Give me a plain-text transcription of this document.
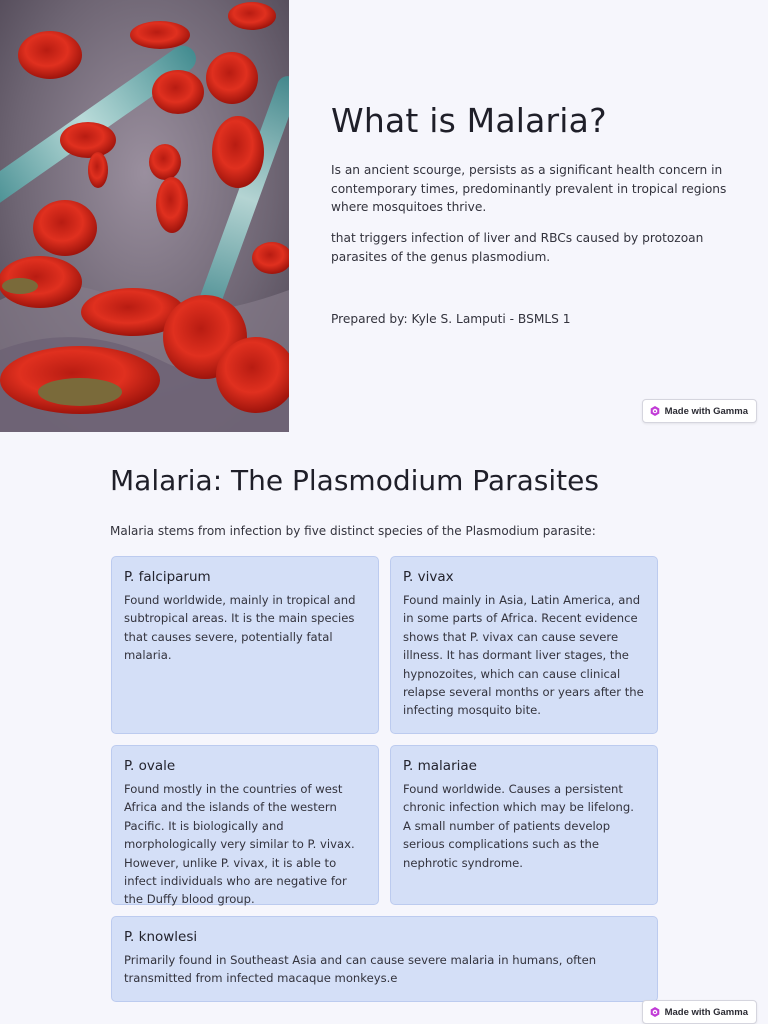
What is Malaria?

Is an ancient scourge, persists as a significant health concern in contemporary times, predominantly prevalent in tropical regions where mosquitoes thrive.

that triggers infection of liver and RBCs caused by protozoan parasites of the genus plasmodium.

Prepared by: Kyle S. Lamputi - BSMLS 1

Made with Gamma
Malaria: The Plasmodium Parasites

Malaria stems from infection by five distinct species of the Plasmodium parasite:

P. falciparum

Found worldwide, mainly in tropical and subtropical areas. It is the main species that causes severe, potentially fatal malaria.

P. vivax

Found mainly in Asia, Latin America, and in some parts of Africa. Recent evidence shows that P. vivax can cause severe illness. It has dormant liver stages, the hypnozoites, which can cause clinical relapse several months or years after the infecting mosquito bite.

P. ovale

Found mostly in the countries of west Africa and the islands of the western Pacific. It is biologically and morphologically very similar to P. vivax. However, unlike P. vivax, it is able to infect individuals who are negative for the Duffy blood group.

P. malariae

Found worldwide. Causes a persistent chronic infection which may be lifelong. A small number of patients develop serious complications such as the nephrotic syndrome.

P. knowlesi

Primarily found in Southeast Asia and can cause severe malaria in humans, often transmitted from infected macaque monkeys.e

Made with Gamma
